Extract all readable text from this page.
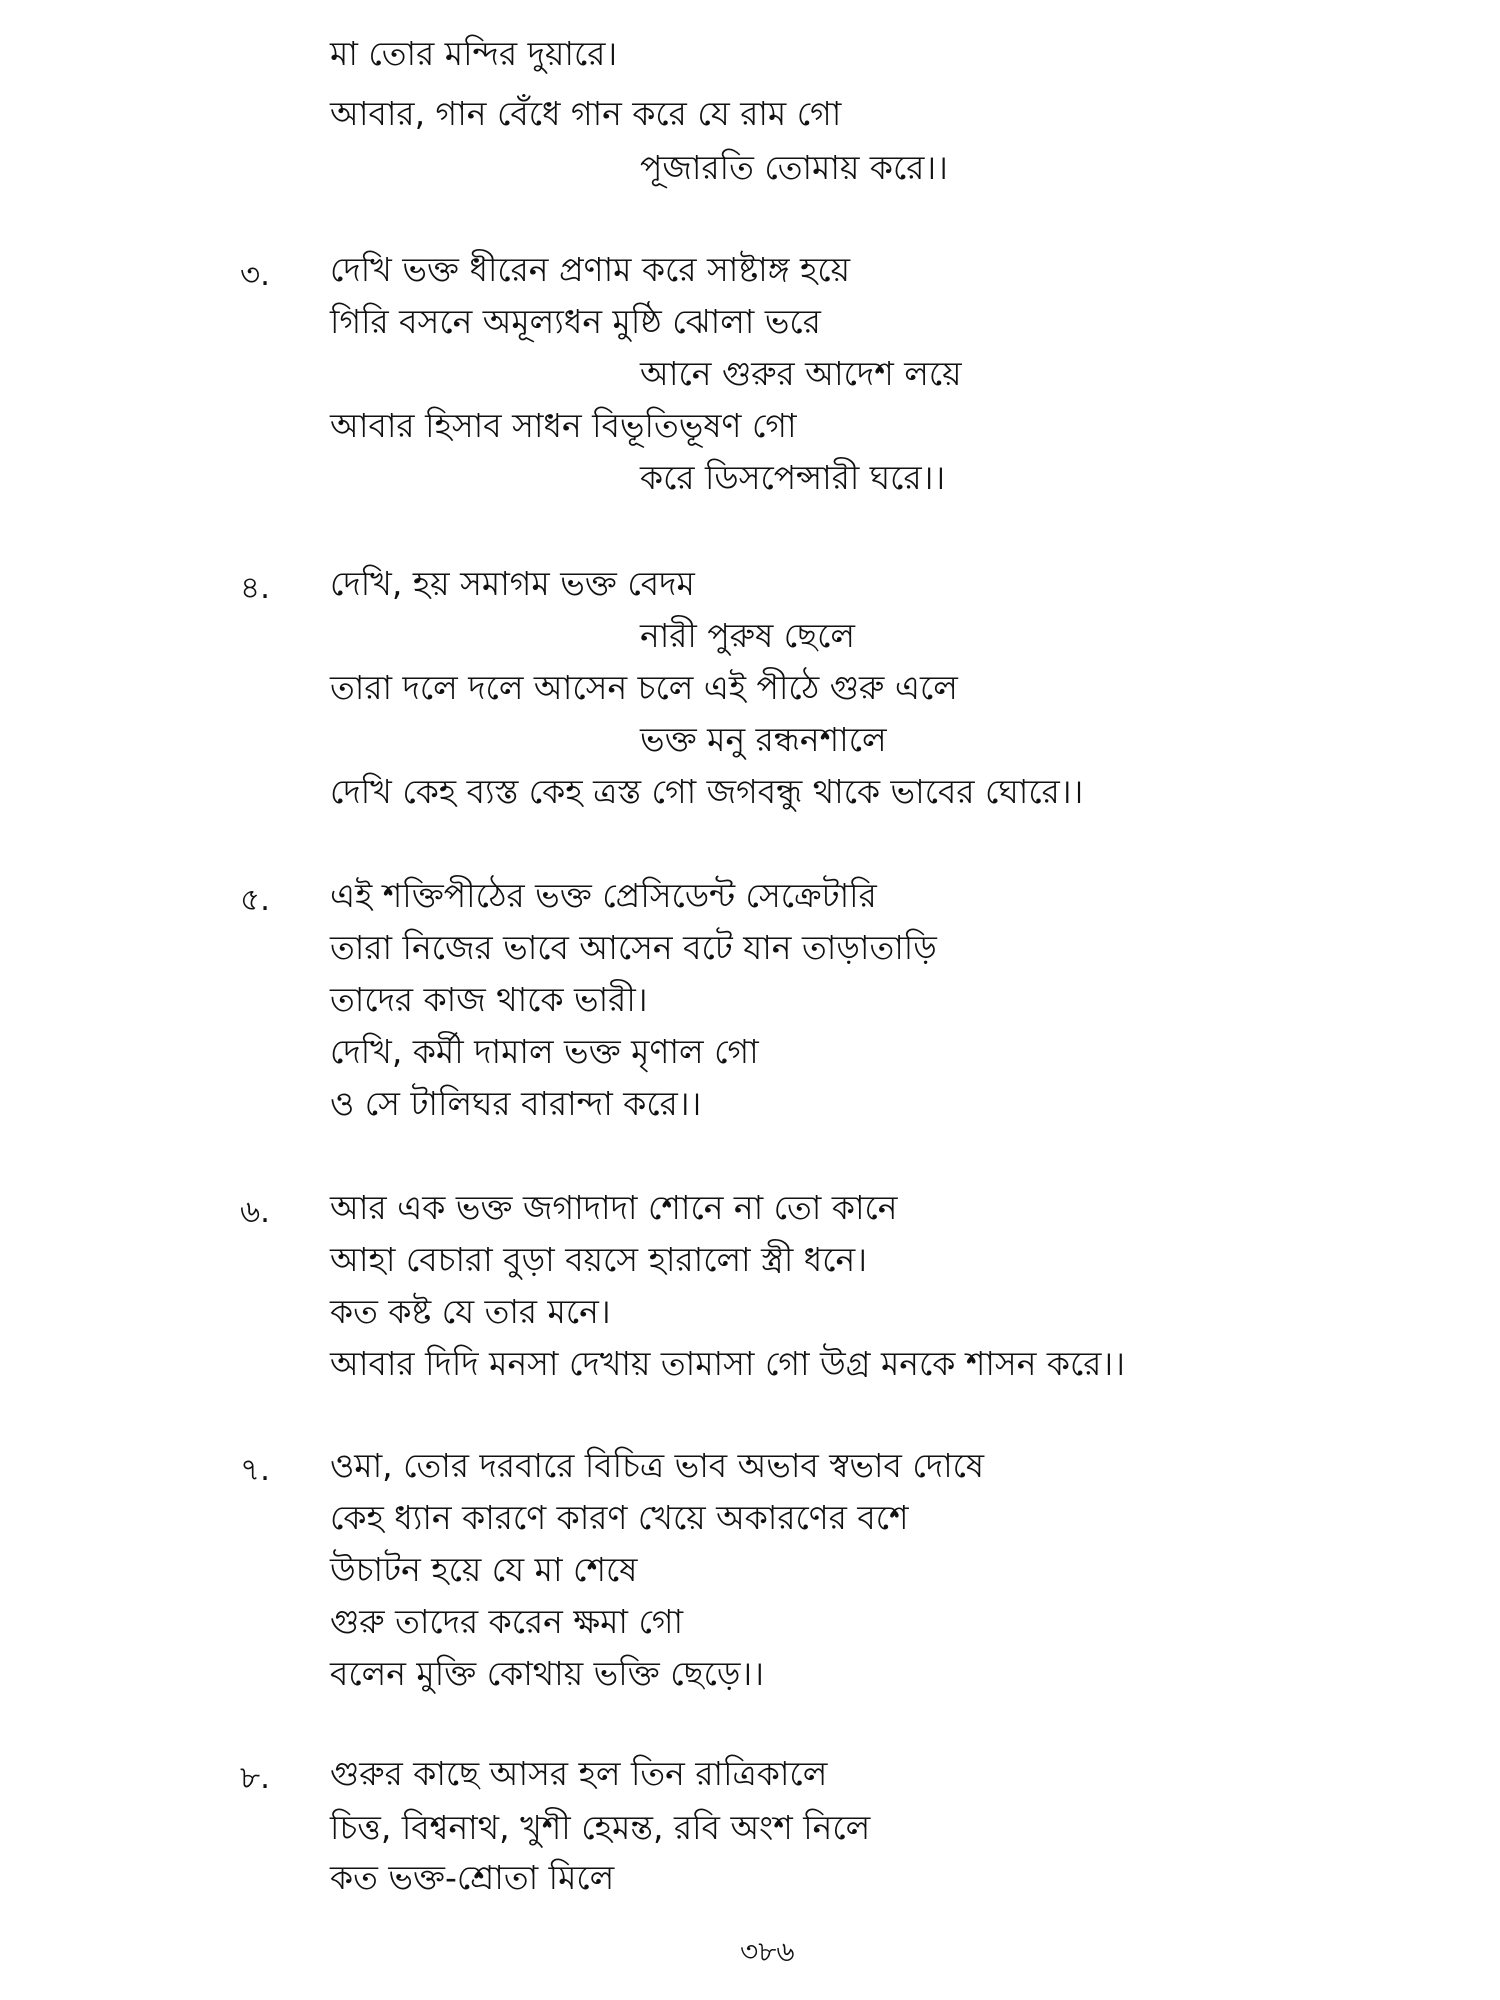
মা তোর মন্দির দুয়ারে।

আবার, গান বেঁধে গান করে যে রাম গো

পূজারতি তোমায় করে।।

৩. দেখি ভক্ত ধীরেন প্রণাম করে সাষ্টাঙ্গ হয়ে

গিরি বসনে অমূল্যধন মুষ্ঠি ঝোলা ভরে

আনে গুরুর আদেশ লয়ে

আবার হিসাব সাধন বিভূতিভূষণ গো

করে ডিসপেন্সারী ঘরে।।

৪. দেখি, হয় সমাগম ভক্ত বেদম

নারী পুরুষ ছেলে

তারা দলে দলে আসেন চলে এই পীঠে গুরু এলে

ভক্ত মনু রন্ধনশালে

দেখি কেহ ব্যস্ত কেহ ত্রস্ত গো জগবন্ধু থাকে ভাবের ঘোরে।।

৫. এই শক্তিপীঠের ভক্ত প্রেসিডেন্ট সেক্রেটারি

তারা নিজের ভাবে আসেন বটে যান তাড়াতাড়ি

তাদের কাজ থাকে ভারী।

দেখি, কর্মী দামাল ভক্ত মৃণাল গো

ও সে টালিঘর বারান্দা করে।।

৬. আর এক ভক্ত জগাদাদা শোনে না তো কানে

আহা বেচারা বুড়া বয়সে হারালো স্ত্রী ধনে।

কত কষ্ট যে তার মনে।

আবার দিদি মনসা দেখায় তামাসা গো উগ্র মনকে শাসন করে।।

৭. ওমা, তোর দরবারে বিচিত্র ভাব অভাব স্বভাব দোষে

কেহ ধ্যান কারণে কারণ খেয়ে অকারণের বশে

উচাটন হয়ে যে মা শেষে

গুরু তাদের করেন ক্ষমা গো

বলেন মুক্তি কোথায় ভক্তি ছেড়ে।।

৮. গুরুর কাছে আসর হল তিন রাত্রিকালে

চিত্ত, বিশ্বনাথ, খুশী হেমন্ত, রবি অংশ নিলে

কত ভক্ত-শ্রোতা মিলে

৩৮৬
